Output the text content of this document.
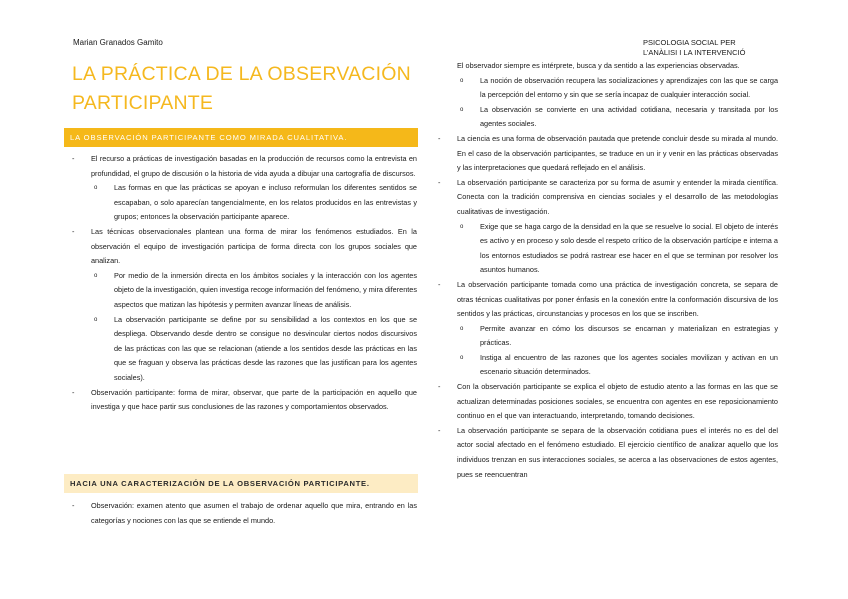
Marian Granados Gamito	PSICOLOGIA SOCIAL PER
L’ANÀLISI I LA INTERVENCIÓ
LA PRÁCTICA DE LA OBSERVACIÓN
PARTICIPANTE
LA OBSERVACIÓN PARTICIPANTE COMO MIRADA CUALITATIVA.
- El recurso a prácticas de investigación basadas en la producción de recursos como la entrevista en profundidad, el grupo de discusión o la historia de vida ayuda a dibujar una cartografía de discursos.
o Las formas en que las prácticas se apoyan e incluso reformulan los diferentes sentidos se escapaban, o solo aparecían tangencialmente, en los relatos producidos en las entrevistas y grupos; entonces la observación participante aparece.
- Las técnicas observacionales plantean una forma de mirar los fenómenos estudiados. En la observación el equipo de investigación participa de forma directa con los grupos sociales que analizan.
o Por medio de la inmersión directa en los ámbitos sociales y la interacción con los agentes objeto de la investigación, quien investiga recoge información del fenómeno, y mira diferentes aspectos que matizan las hipótesis y permiten avanzar líneas de análisis.
o La observación participante se define por su sensibilidad a los contextos en los que se despliega. Observando desde dentro se consigue no desvincular ciertos nodos discursivos de las prácticas con las que se relacionan (atiende a los sentidos desde las prácticas en las que se fraguan y observa las prácticas desde las razones que las justifican para los agentes sociales).
- Observación participante: forma de mirar, observar, que parte de la participación en aquello que investiga y que hace partir sus conclusiones de las razones y comportamientos observados.
HACIA UNA CARACTERIZACIÓN DE LA OBSERVACIÓN PARTICIPANTE.
- Observación: examen atento que asumen el trabajo de ordenar aquello que mira, entrando en las categorías y nociones con las que se entiende el mundo.
El observador siempre es intérprete, busca y da sentido a las experiencias observadas.
o La noción de observación recupera las socializaciones y aprendizajes con las que se carga la percepción del entorno y sin que se sería incapaz de cualquier interacción social.
o La observación se convierte en una actividad cotidiana, necesaria y transitada por los agentes sociales.
- La ciencia es una forma de observación pautada que pretende concluir desde su mirada al mundo. En el caso de la observación participantes, se traduce en un ir y venir en las prácticas observadas y las interpretaciones que quedará reflejado en el análisis.
- La observación participante se caracteriza por su forma de asumir y entender la mirada científica. Conecta con la tradición comprensiva en ciencias sociales y el desarrollo de las metodologías cualitativas de investigación.
o Exige que se haga cargo de la densidad en la que se resuelve lo social. El objeto de interés es activo y en proceso y solo desde el respeto crítico de la observación partícipe e interna a los entornos estudiados se podrá rastrear ese hacer en el que se terminan por resolver los asuntos humanos.
- La observación participante tomada como una práctica de investigación concreta, se separa de otras técnicas cualitativas por poner énfasis en la conexión entre la conformación discursiva de los sentidos y las prácticas, circunstancias y procesos en los que se inscriben.
o Permite avanzar en cómo los discursos se encarnan y materializan en estrategias y prácticas.
o Instiga al encuentro de las razones que los agentes sociales movilizan y activan en un escenario situación determinados.
- Con la observación participante se explica el objeto de estudio atento a las formas en las que se actualizan determinadas posiciones sociales, se encuentra con agentes en ese reposicionamiento continuo en el que van interactuando, interpretando, tomando decisiones.
- La observación participante se separa de la observación cotidiana pues el interés no es del del actor social afectado en el fenómeno estudiado. El ejercicio científico de analizar aquello que los individuos trenzan en sus interacciones sociales, se acerca a las observaciones de estos agentes, pues se reencuentran
